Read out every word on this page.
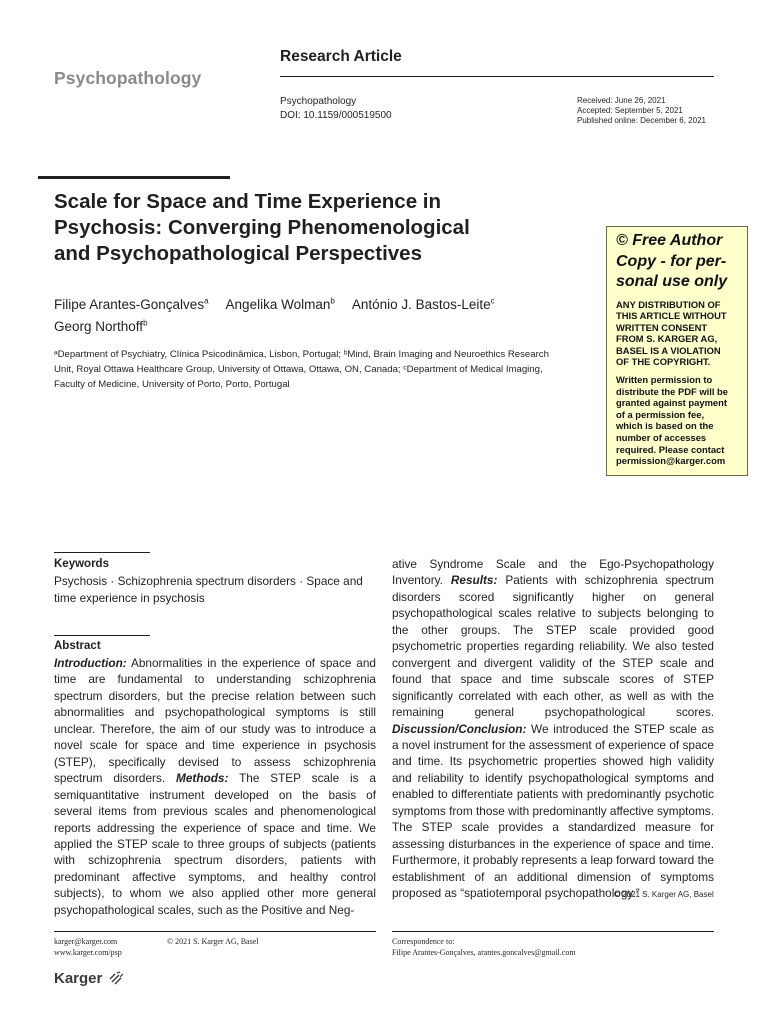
Psychopathology
Research Article
Psychopathology
DOI: 10.1159/000519500
Received: June 26, 2021
Accepted: September 5, 2021
Published online: December 6, 2021
Scale for Space and Time Experience in
Psychosis: Converging Phenomenological
and Psychopathological Perspectives
Filipe Arantes-Gonçalves$^a$ Angelika Wolman$^b$ António J. Bastos-Leite$^c$
Georg Northoff$^b$
ᵃDepartment of Psychiatry, Clínica Psicodinâmica, Lisbon, Portugal; ᵇMind, Brain Imaging and Neuroethics Research
Unit, Royal Ottawa Healthcare Group, University of Ottawa, Ottawa, ON, Canada; ᶜDepartment of Medical Imaging,
Faculty of Medicine, University of Porto, Porto, Portugal
© Free Author
Copy - for per-
sonal use only
ANY DISTRIBUTION OF
THIS ARTICLE WITHOUT
WRITTEN CONSENT
FROM S. KARGER AG,
BASEL IS A VIOLATION
OF THE COPYRIGHT.
Written permission to
distribute the PDF will be
granted against payment
of a permission fee,
which is based on the
number of accesses
required. Please contact
permission@karger.com
Keywords
Psychosis · Schizophrenia spectrum disorders · Space and
time experience in psychosis
Abstract
Introduction: Abnormalities in the experience of space and time are fundamental to understanding schizophrenia spectrum disorders, but the precise relation between such abnormalities and psychopathological symptoms is still unclear. Therefore, the aim of our study was to introduce a novel scale for space and time experience in psychosis (STEP), specifically devised to assess schizophrenia spectrum disorders. Methods: The STEP scale is a semiquantitative instrument developed on the basis of several items from previous scales and phenomenological reports addressing the experience of space and time. We applied the STEP scale to three groups of subjects (patients with schizophrenia spectrum disorders, patients with predominant affective symptoms, and healthy control subjects), to whom we also applied other more general psychopathological scales, such as the Positive and Neg-
ative Syndrome Scale and the Ego-Psychopathology Inventory. Results: Patients with schizophrenia spectrum disorders scored significantly higher on general psychopathological scales relative to subjects belonging to the other groups. The STEP scale provided good psychometric properties regarding reliability. We also tested convergent and divergent validity of the STEP scale and found that space and time subscale scores of STEP significantly correlated with each other, as well as with the remaining general psychopathological scores. Discussion/Conclusion: We introduced the STEP scale as a novel instrument for the assessment of experience of space and time. Its psychometric properties showed high validity and reliability to identify psychopathological symptoms and enabled to differentiate patients with predominantly psychotic symptoms from those with predominantly affective symptoms. The STEP scale provides a standardized measure for assessing disturbances in the experience of space and time. Furthermore, it probably represents a leap forward toward the establishment of an additional dimension of symptoms proposed as “spatiotemporal psychopathology.”
© 2021 S. Karger AG, Basel
karger@karger.com
www.karger.com/psp
© 2021 S. Karger AG, Basel	Correspondence to:
Filipe Arantes-Gonçalves, arantes.goncalves@gmail.com
Karger
